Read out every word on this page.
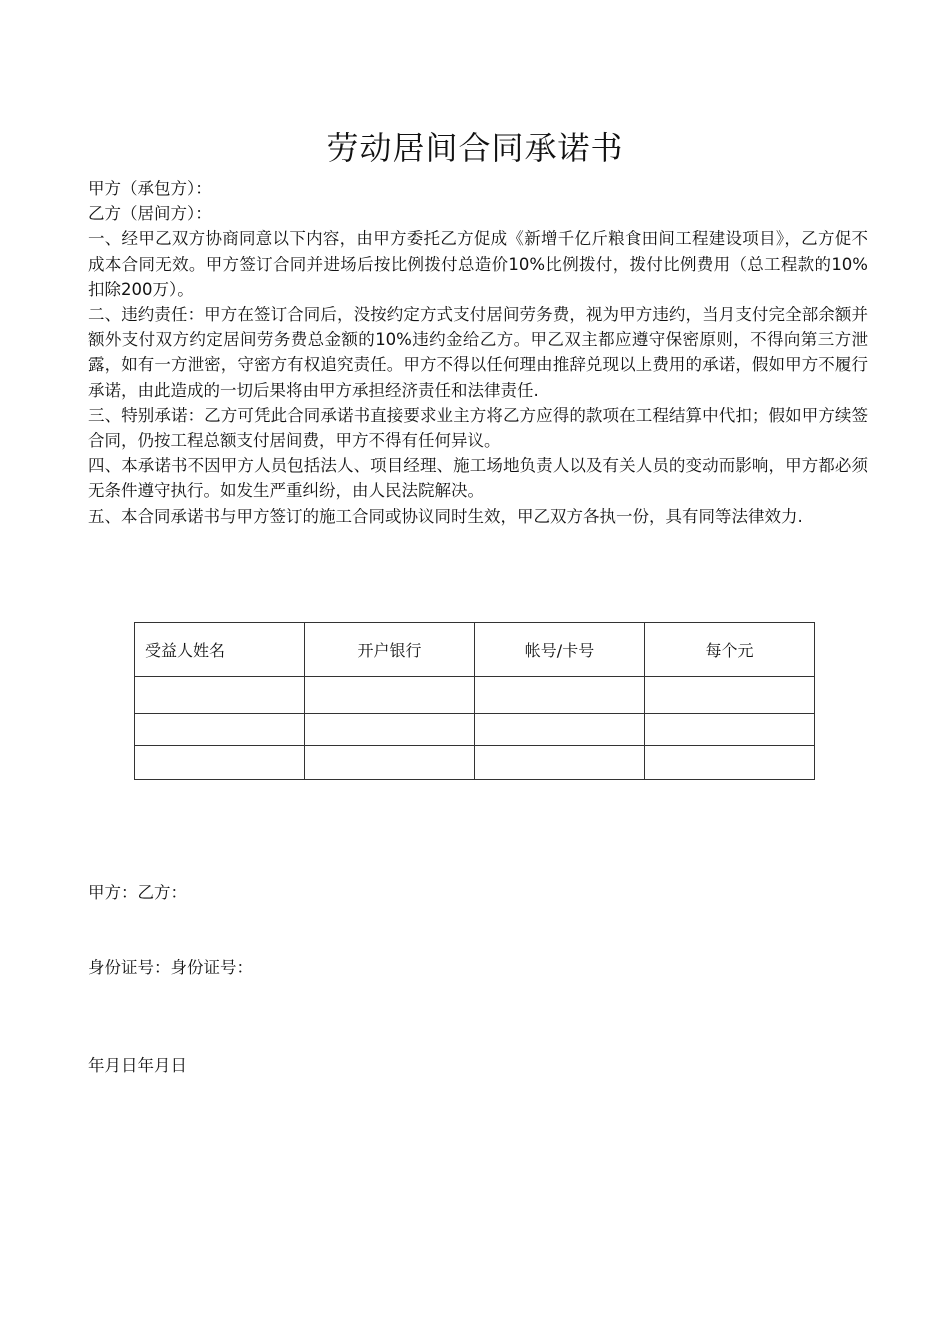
劳动居间合同承诺书

甲方（承包方）：

乙方（居间方）：

一、经甲乙双方协商同意以下内容，由甲方委托乙方促成《新增千亿斤粮食田间工程建设项目》，乙方促不成本合同无效。甲方签订合同并进场后按比例拨付总造价10%比例拨付，拨付比例费用（总工程款的10%扣除200万）。

二、违约责任：甲方在签订合同后，没按约定方式支付居间劳务费，视为甲方违约，当月支付完全部余额并额外支付双方约定居间劳务费总金额的10%违约金给乙方。甲乙双主都应遵守保密原则，不得向第三方泄露，如有一方泄密，守密方有权追究责任。甲方不得以任何理由推辞兑现以上费用的承诺，假如甲方不履行承诺，由此造成的一切后果将由甲方承担经济责任和法律责任.

三、特别承诺：乙方可凭此合同承诺书直接要求业主方将乙方应得的款项在工程结算中代扣；假如甲方续签合同，仍按工程总额支付居间费，甲方不得有任何异议。

四、本承诺书不因甲方人员包括法人、项目经理、施工场地负责人以及有关人员的变动而影响，甲方都必须无条件遵守执行。如发生严重纠纷，由人民法院解决。

五、本合同承诺书与甲方签订的施工合同或协议同时生效，甲乙双方各执一份，具有同等法律效力.

受益人姓名	开户银行	帐号/卡号	每个元

甲方：乙方：
身份证号：身份证号：
年月日年月日
